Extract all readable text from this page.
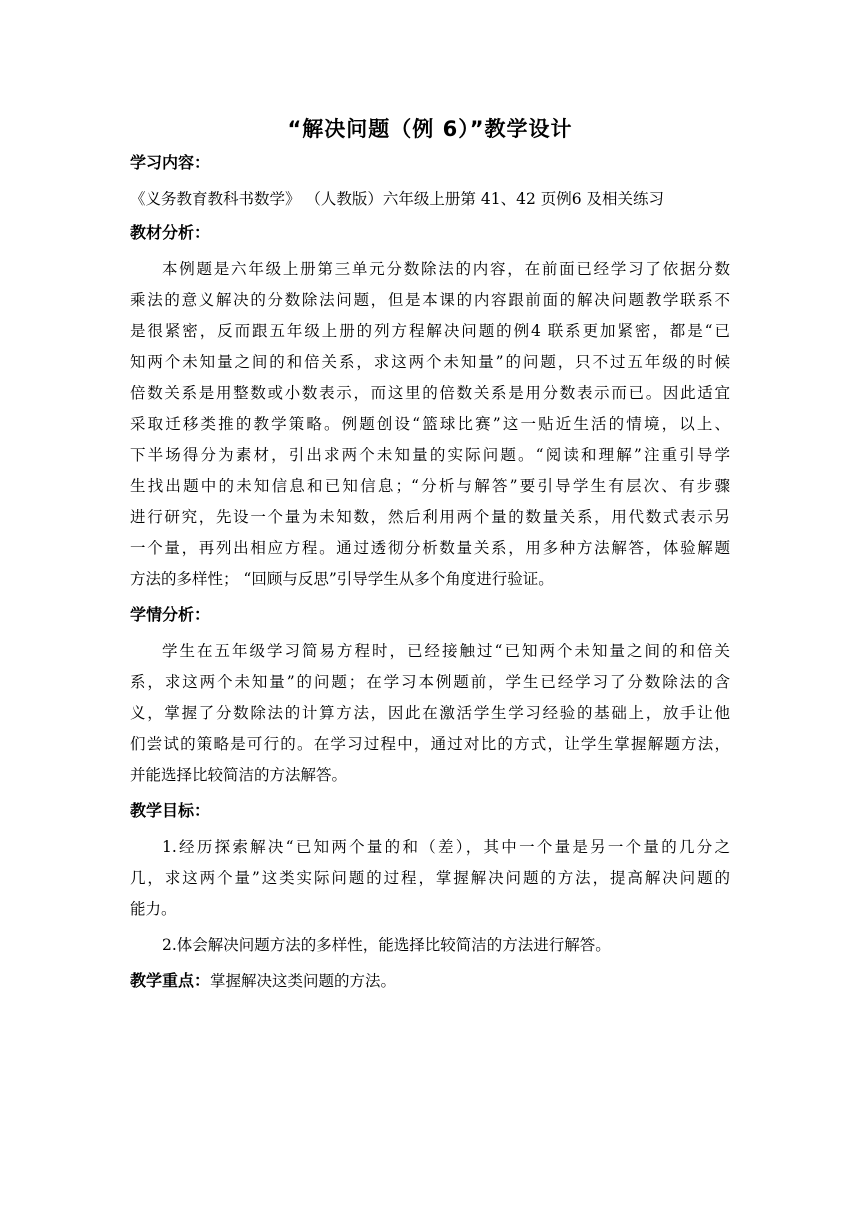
“解决问题（例 6）”教学设计
学习内容：
《义务教育教科书数学》 （人教版）六年级上册第 41、42 页例6 及相关练习
教材分析：
本例题是六年级上册第三单元分数除法的内容，在前面已经学习了依据分数
乘法的意义解决的分数除法问题，但是本课的内容跟前面的解决问题教学联系不
是很紧密，反而跟五年级上册的列方程解决问题的例4 联系更加紧密，都是“已
知两个未知量之间的和倍关系，求这两个未知量”的问题，只不过五年级的时候
倍数关系是用整数或小数表示，而这里的倍数关系是用分数表示而已。因此适宜
采取迁移类推的教学策略。例题创设“篮球比赛”这一贴近生活的情境，以上、
下半场得分为素材，引出求两个未知量的实际问题。“阅读和理解”注重引导学
生找出题中的未知信息和已知信息；“分析与解答”要引导学生有层次、有步骤
进行研究，先设一个量为未知数，然后利用两个量的数量关系，用代数式表示另
一个量，再列出相应方程。通过透彻分析数量关系，用多种方法解答，体验解题
方法的多样性； “回顾与反思”引导学生从多个角度进行验证。
学情分析：
学生在五年级学习简易方程时，已经接触过“已知两个未知量之间的和倍关
系，求这两个未知量”的问题；在学习本例题前，学生已经学习了分数除法的含
义，掌握了分数除法的计算方法，因此在激活学生学习经验的基础上，放手让他
们尝试的策略是可行的。在学习过程中，通过对比的方式，让学生掌握解题方法，
并能选择比较简洁的方法解答。
教学目标：
1.经历探索解决“已知两个量的和（差），其中一个量是另一个量的几分之
几，求这两个量”这类实际问题的过程，掌握解决问题的方法，提高解决问题的
能力。
2.体会解决问题方法的多样性，能选择比较简洁的方法进行解答。
教学重点：掌握解决这类问题的方法。
